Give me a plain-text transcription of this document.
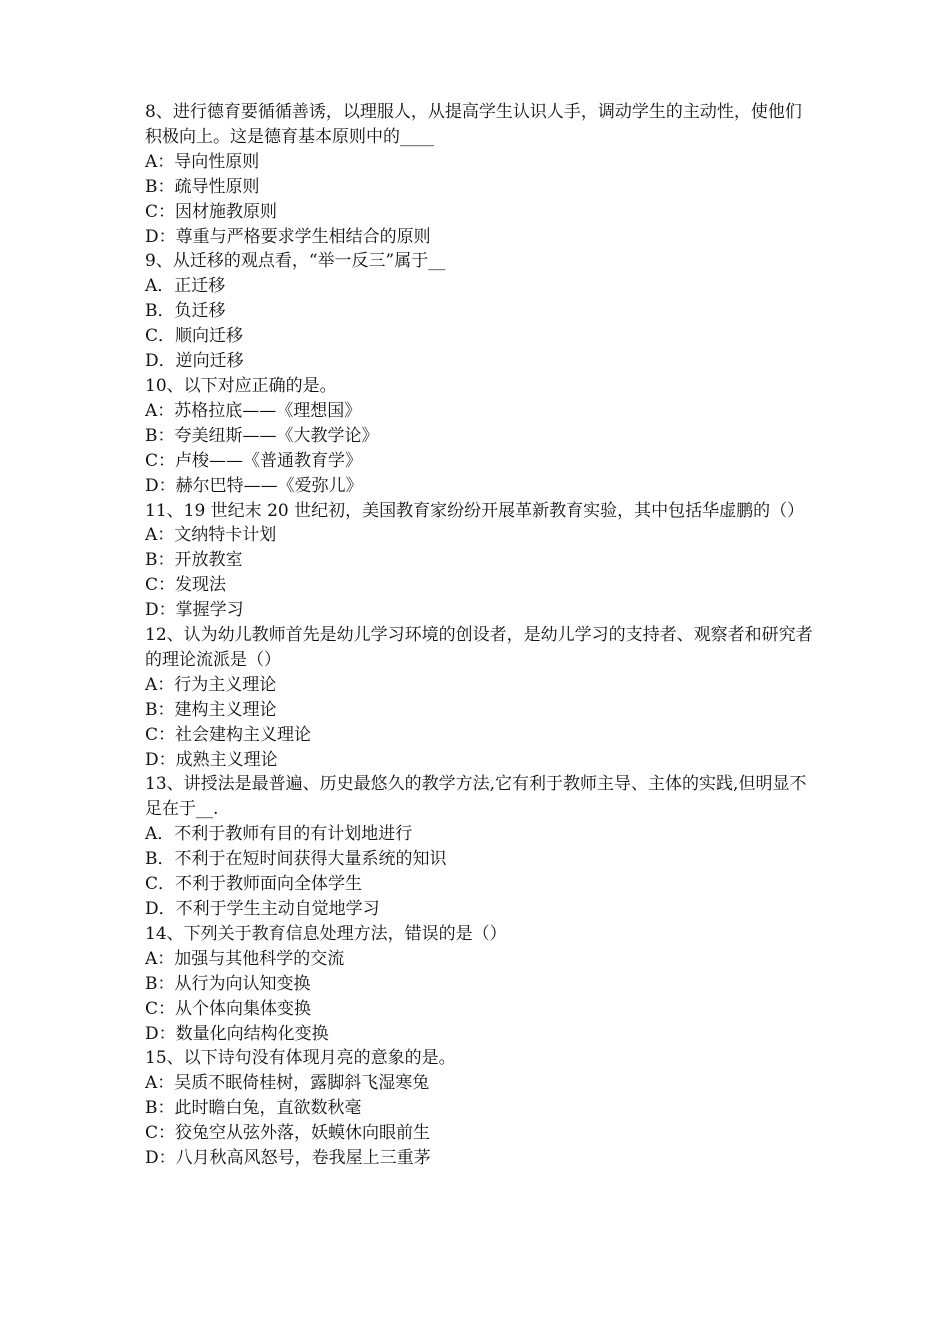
8、进行德育要循循善诱，以理服人，从提高学生认识人手，调动学生的主动性，使他们积极向上。这是德育基本原则中的____

A：导向性原则

B：疏导性原则

C：因材施教原则

D：尊重与严格要求学生相结合的原则

9、从迁移的观点看，“举一反三”属于__

A．正迁移

B．负迁移

C．顺向迁移

D．逆向迁移

10、以下对应正确的是。

A：苏格拉底——《理想国》

B：夸美纽斯——《大教学论》

C：卢梭——《普通教育学》

D：赫尔巴特——《爱弥儿》

11、19 世纪末 20 世纪初，美国教育家纷纷开展革新教育实验，其中包括华虚鹏的（）

A：文纳特卡计划

B：开放教室

C：发现法

D：掌握学习

12、认为幼儿教师首先是幼儿学习环境的创设者，是幼儿学习的支持者、观察者和研究者的理论流派是（）

A：行为主义理论

B：建构主义理论

C：社会建构主义理论

D：成熟主义理论

13、讲授法是最普遍、历史最悠久的教学方法,它有利于教师主导、主体的实践,但明显不足在于__.

A．不利于教师有目的有计划地进行

B．不利于在短时间获得大量系统的知识

C．不利于教师面向全体学生

D．不利于学生主动自觉地学习

14、下列关于教育信息处理方法，错误的是（）

A：加强与其他科学的交流

B：从行为向认知变换

C：从个体向集体变换

D：数量化向结构化变换

15、以下诗句没有体现月亮的意象的是。

A：吴质不眠倚桂树，露脚斜飞湿寒兔

B：此时瞻白兔，直欲数秋毫

C：狡兔空从弦外落，妖蟆休向眼前生

D：八月秋高风怒号，卷我屋上三重茅
